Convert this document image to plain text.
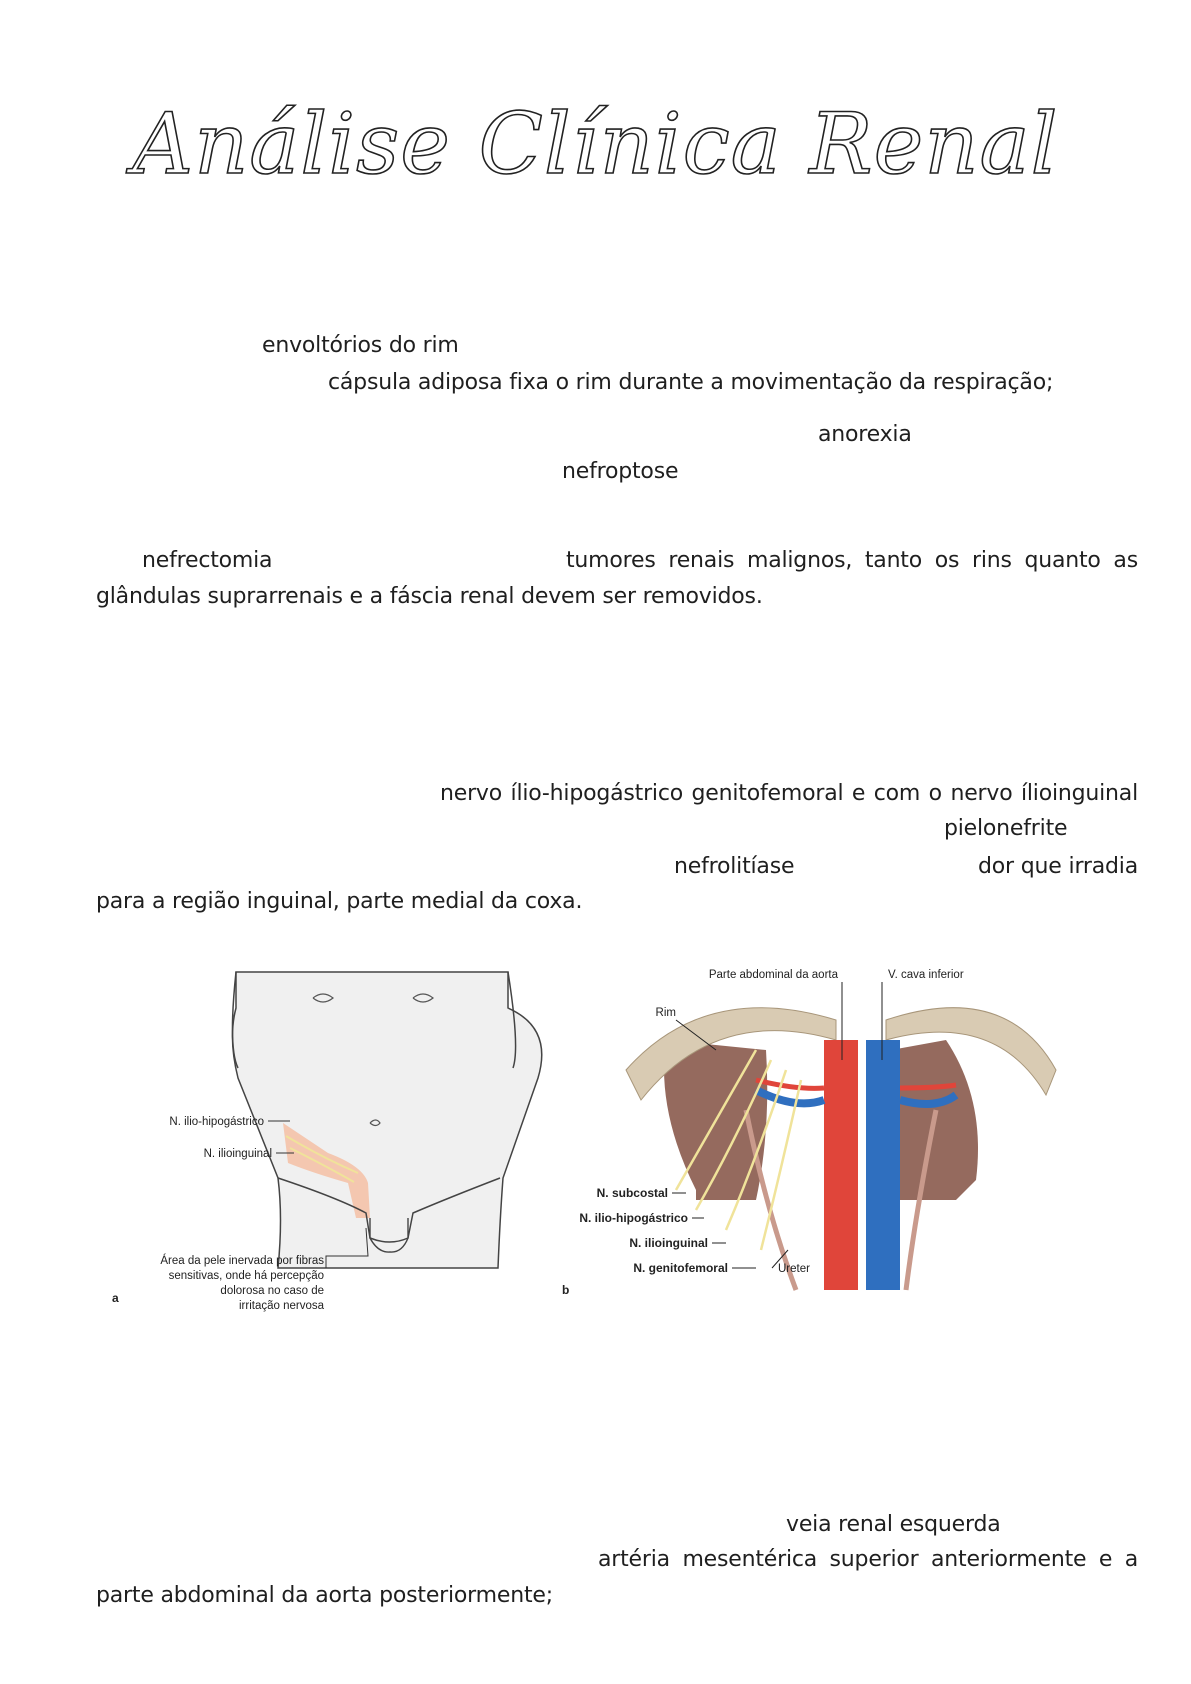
Análise Clínica Renal
envoltórios do rim
cápsula adiposa fixa o rim durante a movimentação da respiração;
anorexia
nefroptose
nefrectomia	tumores renais malignos, tanto os rins quanto as
glândulas suprarrenais e a fáscia renal devem ser removidos.
nervo ílio-hipogástrico genitofemoral e com o nervo ílioinguinal
pielonefrite
nefrolitíase	dor que irradia
para a região inguinal, parte medial da coxa.
N. ilio-hipogástrico
N. ilioinguinal
Área da pele inervada por fibras
sensitivas, onde há percepção
dolorosa no caso de
irritação nervosa
a
Parte abdominal da aorta	V. cava inferior
Rim
N. subcostal
N. ilio-hipogástrico
N. ilioinguinal
N. genitofemoral	Ureter
b
veia renal esquerda
artéria mesentérica superior anteriormente e a
parte abdominal da aorta posteriormente;
